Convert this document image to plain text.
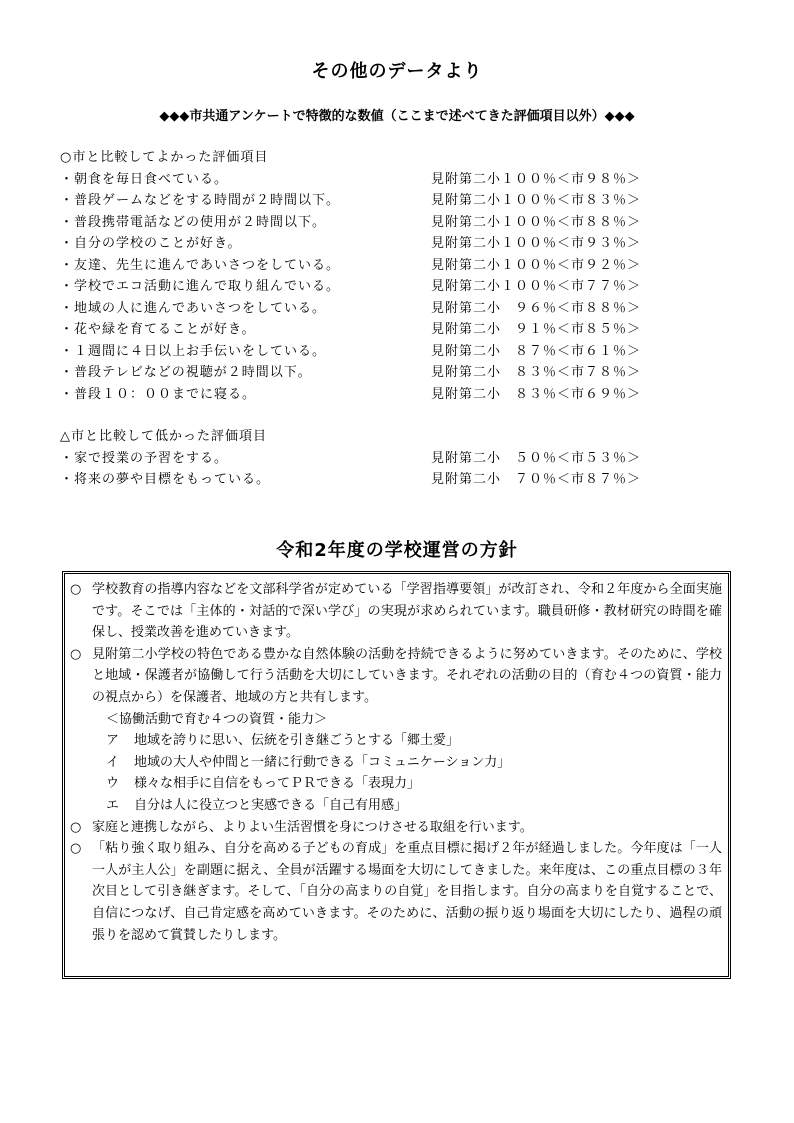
その他のデータより
◆◆◆市共通アンケートで特徴的な数値（ここまで述べてきた評価項目以外）◆◆◆
○市と比較してよかった評価項目
・朝食を毎日食べている。	見附第二小１００％＜市９８％＞
・普段ゲームなどをする時間が２時間以下。	見附第二小１００％＜市８３％＞
・普段携帯電話などの使用が２時間以下。	見附第二小１００％＜市８８％＞
・自分の学校のことが好き。	見附第二小１００％＜市９３％＞
・友達、先生に進んであいさつをしている。	見附第二小１００％＜市９２％＞
・学校でエコ活動に進んで取り組んでいる。	見附第二小１００％＜市７７％＞
・地域の人に進んであいさつをしている。	見附第二小　９６％＜市８８％＞
・花や緑を育てることが好き。	見附第二小　９１％＜市８５％＞
・１週間に４日以上お手伝いをしている。	見附第二小　８７％＜市６１％＞
・普段テレビなどの視聴が２時間以下。	見附第二小　８３％＜市７８％＞
・普段１０：００までに寝る。	見附第二小　８３％＜市６９％＞
△市と比較して低かった評価項目
・家で授業の予習をする。	見附第二小　５０％＜市５３％＞
・将来の夢や目標をもっている。	見附第二小　７０％＜市８７％＞
令和2年度の学校運営の方針
○ 学校教育の指導内容などを文部科学省が定めている「学習指導要領」が改訂され、令和２年度から全面実施です。そこでは「主体的・対話的で深い学び」の実現が求められています。職員研修・教材研究の時間を確保し、授業改善を進めていきます。
○ 見附第二小学校の特色である豊かな自然体験の活動を持続できるように努めていきます。そのために、学校と地域・保護者が協働して行う活動を大切にしていきます。それぞれの活動の目的（育む４つの資質・能力の視点から）を保護者、地域の方と共有します。
＜協働活動で育む４つの資質・能力＞
ア	地域を誇りに思い、伝統を引き継ごうとする「郷土愛」
イ	地域の大人や仲間と一緒に行動できる「コミュニケーション力」
ウ	様々な相手に自信をもってＰＲできる「表現力」
エ	自分は人に役立つと実感できる「自己有用感」
○ 家庭と連携しながら、よりよい生活習慣を身につけさせる取組を行います。
○ 「粘り強く取り組み、自分を高める子どもの育成」を重点目標に掲げ２年が経過しました。今年度は「一人一人が主人公」を副題に据え、全員が活躍する場面を大切にしてきました。来年度は、この重点目標の３年次目として引き継ぎます。そして、「自分の高まりの自覚」を目指します。自分の高まりを自覚することで、自信につなげ、自己肯定感を高めていきます。そのために、活動の振り返り場面を大切にしたり、過程の頑張りを認めて賞賛したりします。
